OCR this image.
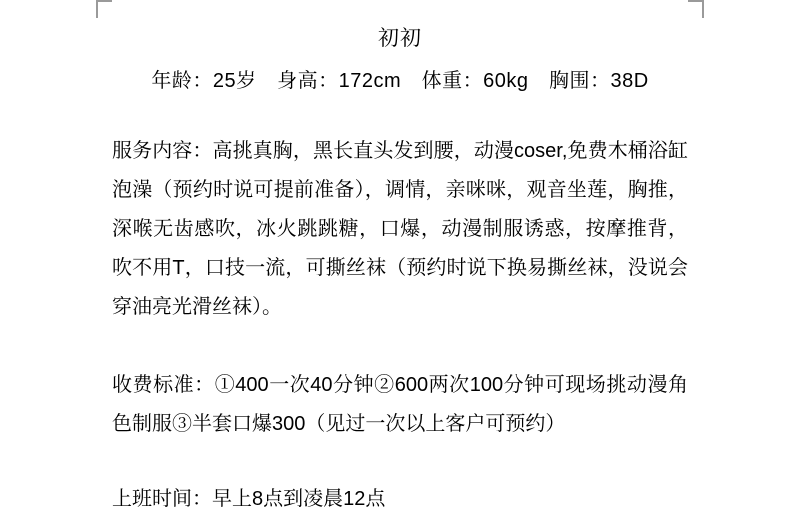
初初
年龄：25岁　身高：172cm　体重：60kg　胸围：38D
服务内容：高挑真胸，黑长直头发到腰，动漫coser,免费木桶浴缸泡澡（预约时说可提前准备），调情，亲咪咪，观音坐莲，胸推，深喉无齿感吹，冰火跳跳糖，口爆，动漫制服诱惑，按摩推背，吹不用T，口技一流，可撕丝袜（预约时说下换易撕丝袜，没说会穿油亮光滑丝袜）。
收费标准：①400一次40分钟②600两次100分钟可现场挑动漫角色制服③半套口爆300（见过一次以上客户可预约）
上班时间：早上8点到凌晨12点
